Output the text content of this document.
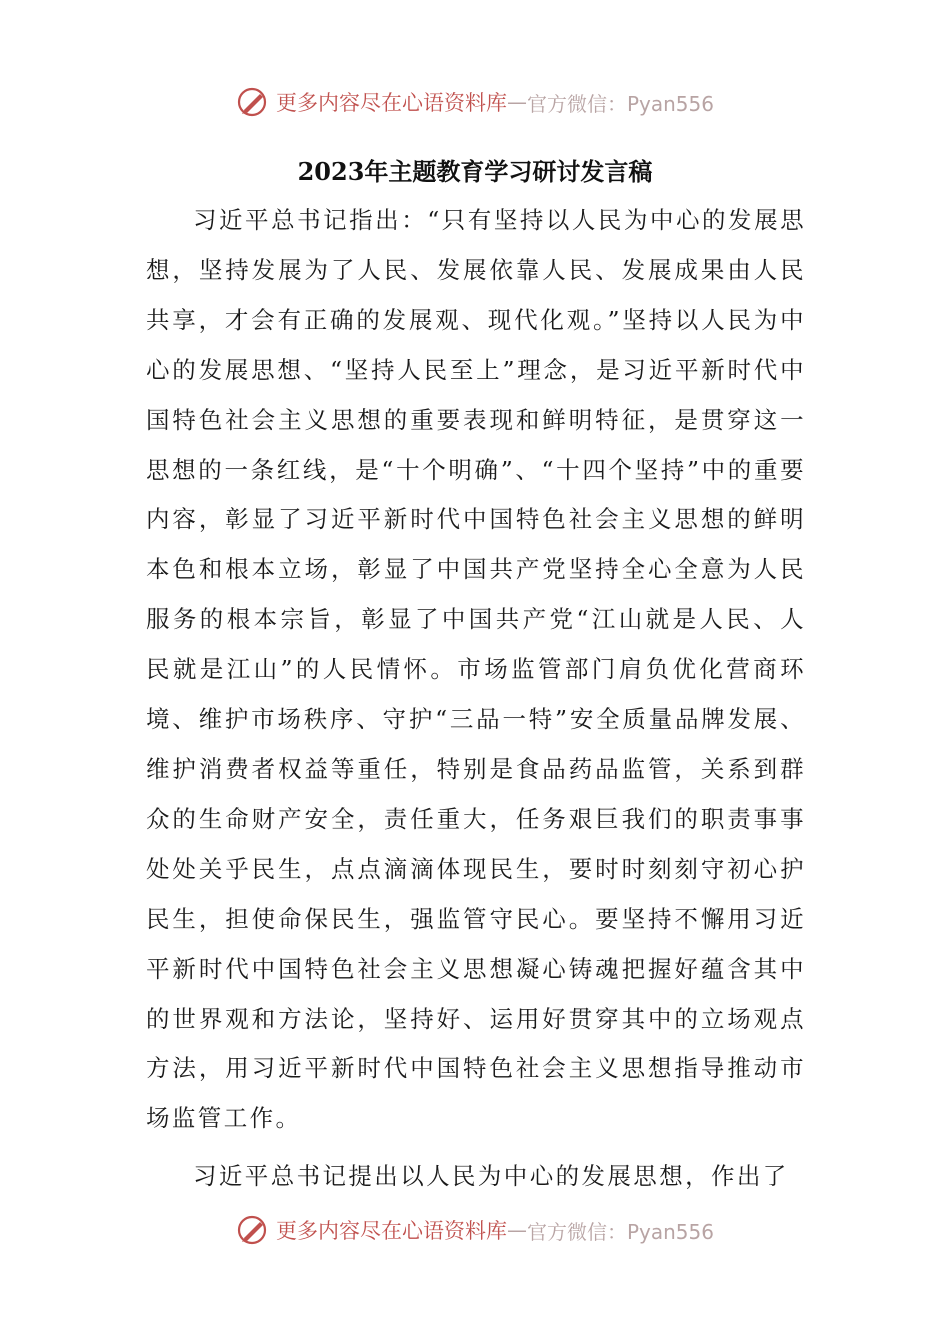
更多内容尽在心语资料库 — 官方微信：Pyan556
2023年主题教育学习研讨发言稿

习近平总书记指出：“只有坚持以人民为中心的发展思想，坚持发展为了人民、发展依靠人民、发展成果由人民共享，才会有正确的发展观、现代化观。”坚持以人民为中心的发展思想、“坚持人民至上”理念，是习近平新时代中国特色社会主义思想的重要表现和鲜明特征，是贯穿这一思想的一条红线，是“十个明确”、“十四个坚持”中的重要内容，彰显了习近平新时代中国特色社会主义思想的鲜明本色和根本立场，彰显了中国共产党坚持全心全意为人民服务的根本宗旨，彰显了中国共产党“江山就是人民、人民就是江山”的人民情怀。市场监管部门肩负优化营商环境、维护市场秩序、守护“三品一特”安全质量品牌发展、维护消费者权益等重任，特别是食品药品监管，关系到群众的生命财产安全，责任重大，任务艰巨我们的职责事事处处关乎民生，点点滴滴体现民生，要时时刻刻守初心护民生，担使命保民生，强监管守民心。要坚持不懈用习近平新时代中国特色社会主义思想凝心铸魂把握好蕴含其中的世界观和方法论，坚持好、运用好贯穿其中的立场观点方法，用习近平新时代中国特色社会主义思想指导推动市场监管工作。

习近平总书记提出以人民为中心的发展思想，作出了

更多内容尽在心语资料库 — 官方微信：Pyan556
